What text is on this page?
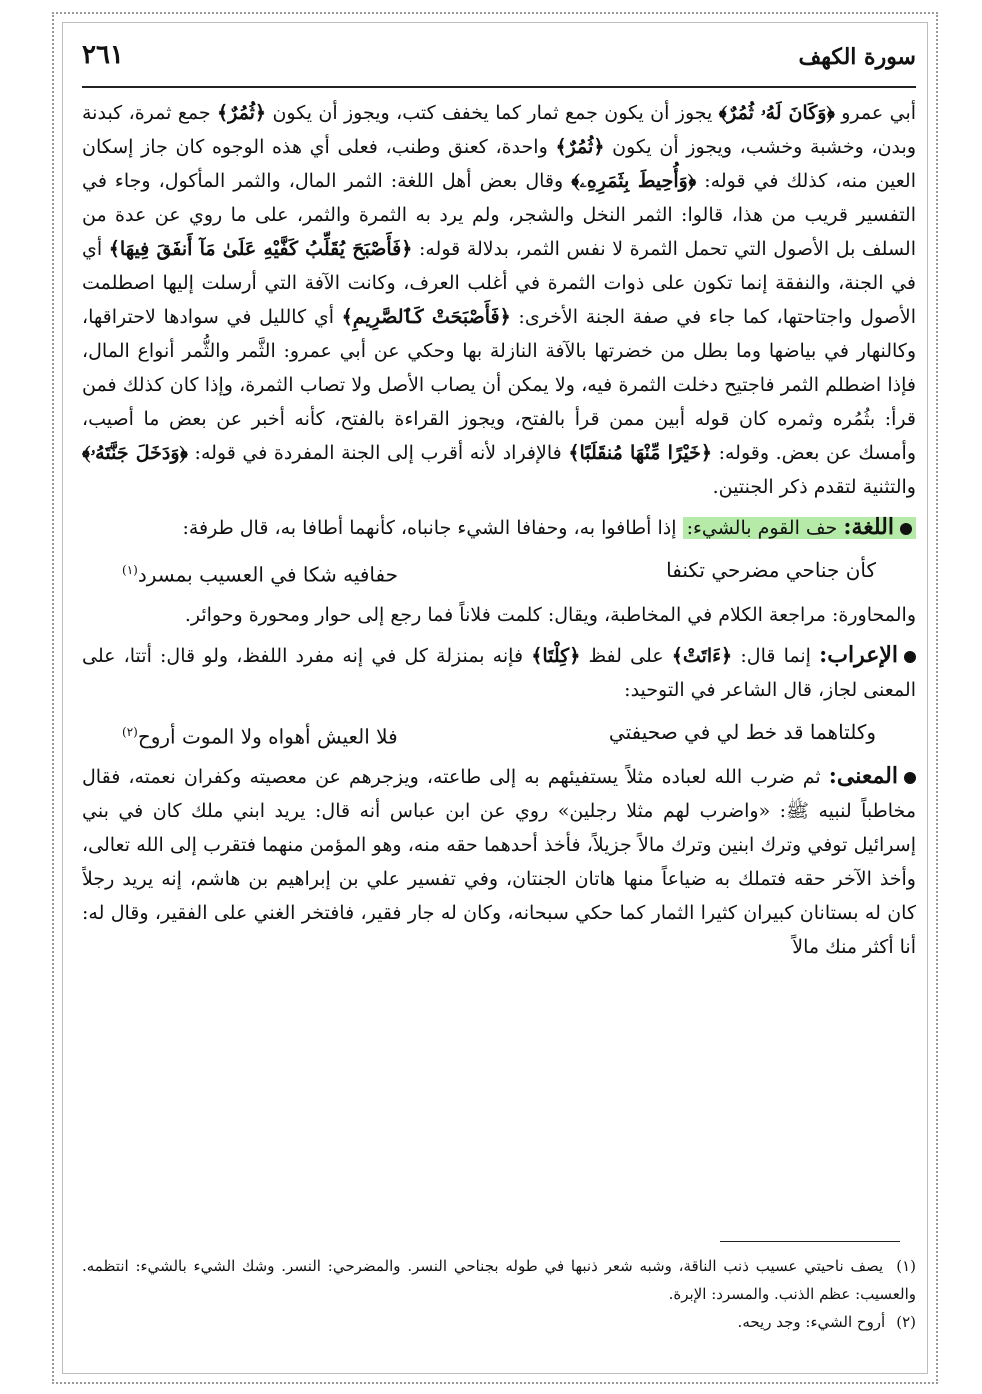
سورة الكهف
٢٦١

أبي عمرو ﴿وَكَانَ لَهُۥ ثُمُرٌ﴾ يجوز أن يكون جمع ثمار كما يخفف كتب، ويجوز أن يكون ﴿ثُمُرٌ﴾ جمع ثمرة، كبدنة وبدن، وخشبة وخشب، ويجوز أن يكون ﴿ثُمُرٌ﴾ واحدة، كعنق وطنب، فعلى أي هذه الوجوه كان جاز إسكان العين منه، كذلك في قوله: ﴿وَأُحِيطَ بِثَمَرِهِۦ﴾ وقال بعض أهل اللغة: الثمر المال، والثمر المأكول، وجاء في التفسير قريب من هذا، قالوا: الثمر النخل والشجر، ولم يرد به الثمرة والثمر، على ما روي عن عدة من السلف بل الأصول التي تحمل الثمرة لا نفس الثمر، بدلالة قوله: ﴿فَأَصْبَحَ يُقَلِّبُ كَفَّيْهِ عَلَىٰ مَآ أَنفَقَ فِيهَا﴾ أي في الجنة، والنفقة إنما تكون على ذوات الثمرة في أغلب العرف، وكانت الآفة التي أرسلت إليها اصطلمت الأصول واجتاحتها، كما جاء في صفة الجنة الأخرى: ﴿فَأَصْبَحَتْ كَٱلصَّرِيمِ﴾ أي كالليل في سوادها لاحتراقها، وكالنهار في بياضها وما بطل من خضرتها بالآفة النازلة بها وحكي عن أبي عمرو: الثَّمر والثُّمر أنواع المال، فإذا اضطلم الثمر فاجتيح دخلت الثمرة فيه، ولا يمكن أن يصاب الأصل ولا تصاب الثمرة، وإذا كان كذلك فمن قرأ: بثُمُره وثمره كان قوله أبين ممن قرأ بالفتح، ويجوز القراءة بالفتح، كأنه أخبر عن بعض ما أصيب، وأمسك عن بعض. وقوله: ﴿خَيْرًا مِّنْهَا مُنقَلَبًا﴾ فالإفراد لأنه أقرب إلى الجنة المفردة في قوله: ﴿وَدَخَلَ جَنَّتَهُۥ﴾ والتثنية لتقدم ذكر الجنتين.

اللغة: حف القوم بالشيء: إذا أطافوا به، وحفافا الشيء جانباه، كأنهما أطافا به، قال طرفة:

كأن جناحي مضرحي تكنفا
حفافيه شكا في العسيب بمسرد$^{(١)}$

والمحاورة: مراجعة الكلام في المخاطبة، ويقال: كلمت فلاناً فما رجع إلى حوار ومحورة وحوائر.

الإعراب: إنما قال: ﴿ءَاتَتْ﴾ على لفظ ﴿كِلْتَا﴾ فإنه بمنزلة كل في إنه مفرد اللفظ، ولو قال: أتتا، على المعنى لجاز، قال الشاعر في التوحيد:

وكلتاهما قد خط لي في صحيفتي
فلا العيش أهواه ولا الموت أروح$^{(٢)}$

المعنى: ثم ضرب الله لعباده مثلاً يستفيئهم به إلى طاعته، ويزجرهم عن معصيته وكفران نعمته، فقال مخاطباً لنبيه ﷺ: «واضرب لهم مثلا رجلين» روي عن ابن عباس أنه قال: يريد ابني ملك كان في بني إسرائيل توفي وترك ابنين وترك مالاً جزيلاً، فأخذ أحدهما حقه منه، وهو المؤمن منهما فتقرب إلى الله تعالى، وأخذ الآخر حقه فتملك به ضياعاً منها هاتان الجنتان، وفي تفسير علي بن إبراهيم بن هاشم، إنه يريد رجلاً كان له بستانان كبيران كثيرا الثمار كما حكي سبحانه، وكان له جار فقير، فافتخر الغني على الفقير، وقال له: أنا أكثر منك مالاً

(١) يصف ناحيتي عسيب ذنب الناقة، وشبه شعر ذنبها في طوله بجناحي النسر. والمضرحي: النسر. وشك الشيء بالشيء: انتظمه. والعسيب: عظم الذنب. والمسرد: الإبرة.

(٢) أروح الشيء: وجد ريحه.
